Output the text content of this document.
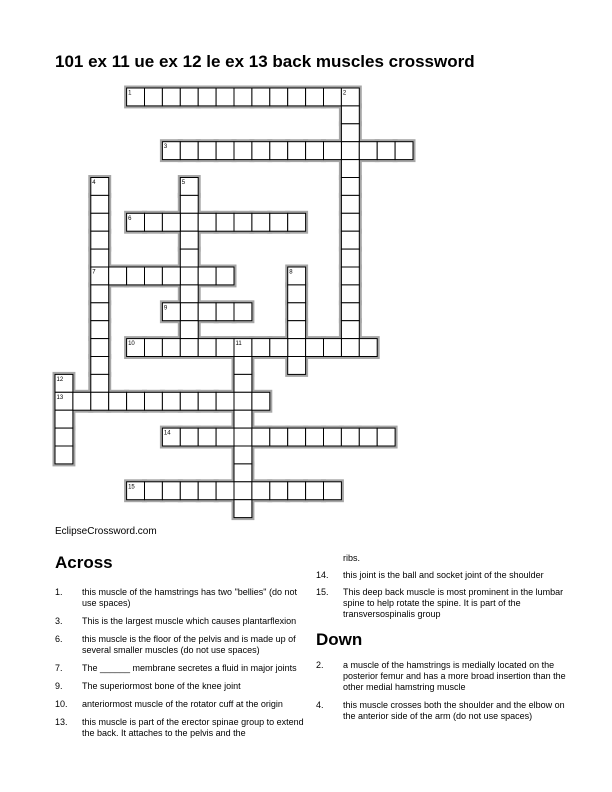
101 ex 11 ue ex 12 le ex 13 back muscles crossword
1	2
3
4	5
6
7	8
9
10	11
12
13
14
15
EclipseCrossword.com
Across
1.	this muscle of the hamstrings has two "bellies" (do not use spaces)
3.	This is the largest muscle which causes plantarflexion
6.	this muscle is the floor of the pelvis and is made up of several smaller muscles (do not use spaces)
7.	The ______ membrane secretes a fluid in major joints
9.	The superiormost bone of the knee joint
10.	anteriormost muscle of the rotator cuff at the origin
13.	this muscle is part of the erector spinae group to extend the back. It attaches to the pelvis and the
ribs.
14.	this joint is the ball and socket joint of the shoulder
15.	This deep back muscle is most prominent in the lumbar spine to help rotate the spine. It is part of the transversospinalis group
Down
2.	a muscle of the hamstrings is medially located on the posterior femur and has a more broad insertion than the other medial hamstring muscle
4.	this muscle crosses both the shoulder and the elbow on the anterior side of the arm (do not use spaces)
